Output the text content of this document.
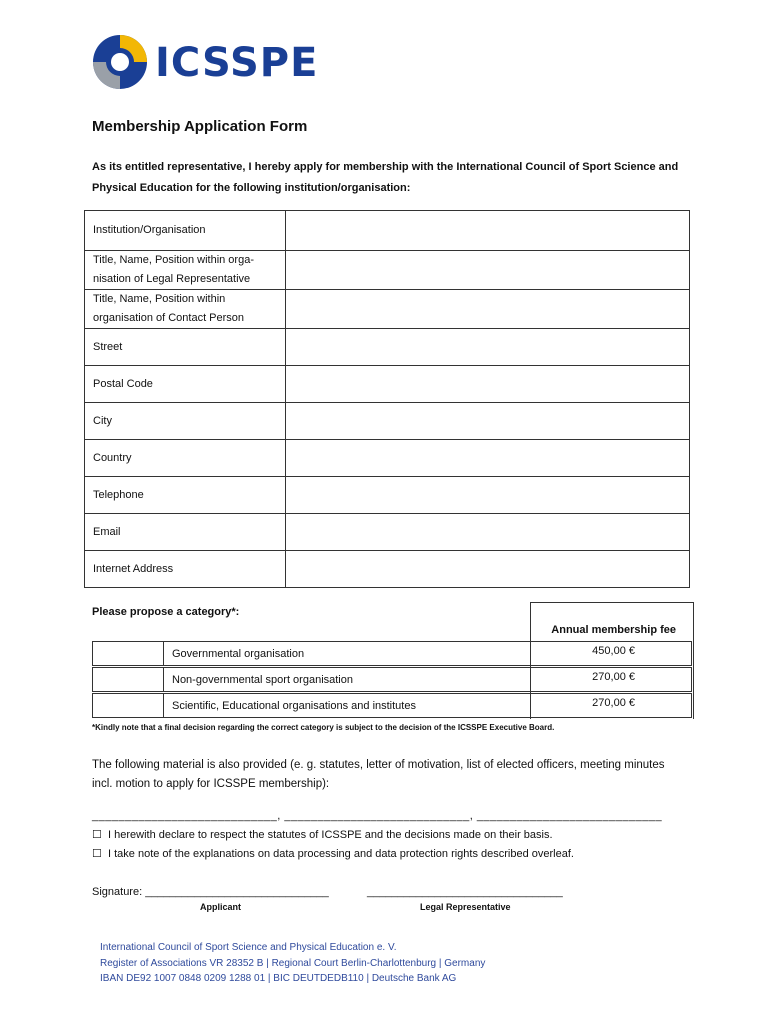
ICSSPE
Membership Application Form
As its entitled representative, I hereby apply for membership with the International Council of Sport Science and Physical Education for the following institution/organisation:
Institution/Organisation	
Title, Name, Position within orga-nisation of Legal Representative	
Title, Name, Position within organisation of Contact Person	
Street	
Postal Code	
City	
Country	
Telephone	
Email	
Internet Address	
Please propose a category*:
Annual membership fee
Governmental organisation	450,00 €
Non-governmental sport organisation	270,00 €
Scientific, Educational organisations and institutes	270,00 €
*Kindly note that a final decision regarding the correct category is subject to the decision of the ICSSPE Executive Board.
The following material is also provided (e. g. statutes, letter of motivation, list of elected officers, meeting minutes incl. motion to apply for ICSSPE membership):
____________________________, ____________________________, ____________________________
☐ I herewith declare to respect the statutes of ICSSPE and the decisions made on their basis.
☐ I take note of the explanations on data processing and data protection rights described overleaf.
Signature: ______________________________	________________________________
Applicant	Legal Representative
International Council of Sport Science and Physical Education e. V.
Register of Associations VR 28352 B | Regional Court Berlin-Charlottenburg | Germany
IBAN DE92 1007 0848 0209 1288 01 | BIC DEUTDEDB110 | Deutsche Bank AG
